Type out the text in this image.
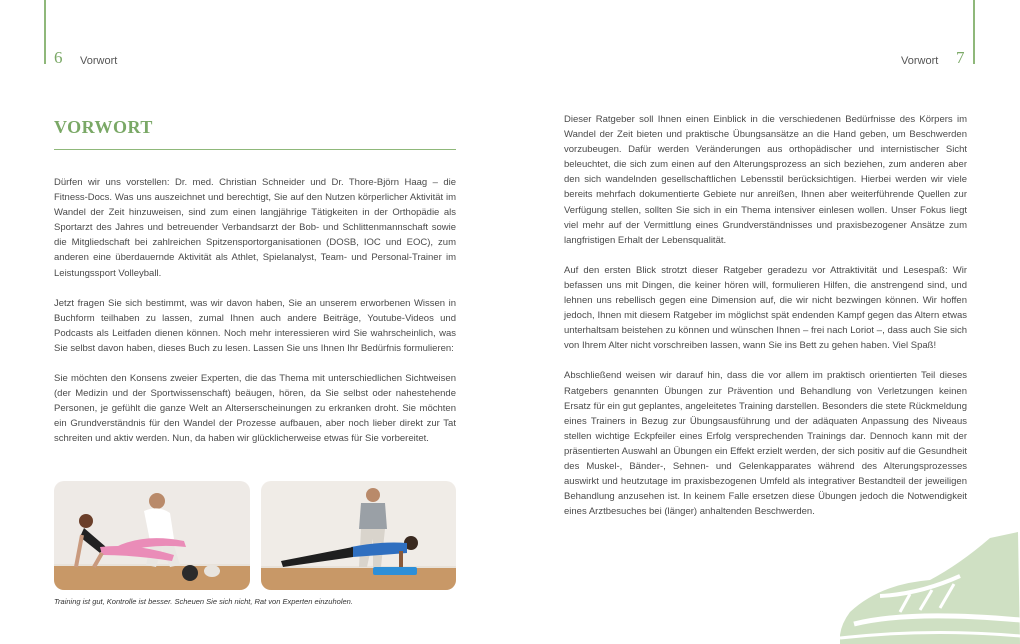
6 Vorwort	7
Vorwort
VORWORT

Dürfen wir uns vorstellen: Dr. med. Christian Schneider und Dr. Thore-Björn Haag – die Fitness-Docs. Was uns auszeichnet und berechtigt, Sie auf den Nutzen körperlicher Aktivität im Wandel der Zeit hinzuweisen, sind zum einen langjährige Tätigkeiten in der Orthopädie als Sportarzt des Jahres und betreuender Verbandsarzt der Bob- und Schlittenmannschaft sowie die Mitgliedschaft bei zahlreichen Spitzensportorganisationen (DOSB, IOC und EOC), zum anderen eine überdauernde Aktivität als Athlet, Spielanalyst, Team- und Personal-Trainer im Leistungssport Volleyball.

Jetzt fragen Sie sich bestimmt, was wir davon haben, Sie an unserem erworbenen Wissen in Buchform teilhaben zu lassen, zumal Ihnen auch andere Beiträge, Youtube-Videos und Podcasts als Leitfaden dienen können. Noch mehr interessieren wird Sie wahrscheinlich, was Sie selbst davon haben, dieses Buch zu lesen. Lassen Sie uns Ihnen Ihr Bedürfnis formulieren:

Sie möchten den Konsens zweier Experten, die das Thema mit unterschiedlichen Sichtweisen (der Medizin und der Sportwissenschaft) beäugen, hören, da Sie selbst oder nahestehende Personen, je gefühlt die ganze Welt an Alterserscheinungen zu erkranken droht. Sie möchten ein Grundverständnis für den Wandel der Prozesse aufbauen, aber noch lieber direkt zur Tat schreiten und aktiv werden. Nun, da haben wir glücklicherweise etwas für Sie vorbereitet.

Training ist gut, Kontrolle ist besser. Scheuen Sie sich nicht, Rat von Experten einzuholen.

Dieser Ratgeber soll Ihnen einen Einblick in die verschiedenen Bedürfnisse des Körpers im Wandel der Zeit bieten und praktische Übungsansätze an die Hand geben, um Beschwerden vorzubeugen. Dafür werden Veränderungen aus orthopädischer und internistischer Sicht beleuchtet, die sich zum einen auf den Alterungsprozess an sich beziehen, zum anderen aber den sich wandelnden gesellschaftlichen Lebensstil berücksichtigen. Hierbei werden wir viele bereits mehrfach dokumentierte Gebiete nur anreißen, Ihnen aber weiterführende Quellen zur Verfügung stellen, sollten Sie sich in ein Thema intensiver einlesen wollen. Unser Fokus liegt viel mehr auf der Vermittlung eines Grundverständnisses und praxisbezogener Ansätze zum langfristigen Erhalt der Lebensqualität.

Auf den ersten Blick strotzt dieser Ratgeber geradezu vor Attraktivität und Lesespaß: Wir befassen uns mit Dingen, die keiner hören will, formulieren Hilfen, die anstrengend sind, und lehnen uns rebellisch gegen eine Dimension auf, die wir nicht bezwingen können. Wir hoffen jedoch, Ihnen mit diesem Ratgeber im möglichst spät endenden Kampf gegen das Altern etwas unterhaltsam beistehen zu können und wünschen Ihnen – frei nach Loriot –, dass auch Sie sich von Ihrem Alter nicht vorschreiben lassen, wann Sie ins Bett zu gehen haben. Viel Spaß!

Abschließend weisen wir darauf hin, dass die vor allem im praktisch orientierten Teil dieses Ratgebers genannten Übungen zur Prävention und Behandlung von Verletzungen keinen Ersatz für ein gut geplantes, angeleitetes Training darstellen. Besonders die stete Rückmeldung eines Trainers in Bezug zur Übungsausführung und der adäquaten Anpassung des Niveaus stellen wichtige Eckpfeiler eines Erfolg versprechenden Trainings dar. Dennoch kann mit der präsentierten Auswahl an Übungen ein Effekt erzielt werden, der sich positiv auf die Gesundheit des Muskel-, Bänder-, Sehnen- und Gelenkapparates während des Alterungsprozesses auswirkt und heutzutage im praxisbezogenen Umfeld als integrativer Bestandteil der jeweiligen Behandlung anzusehen ist. In keinem Falle ersetzen diese Übungen jedoch die Notwendigkeit eines Arztbesuches bei (länger) anhaltenden Beschwerden.
